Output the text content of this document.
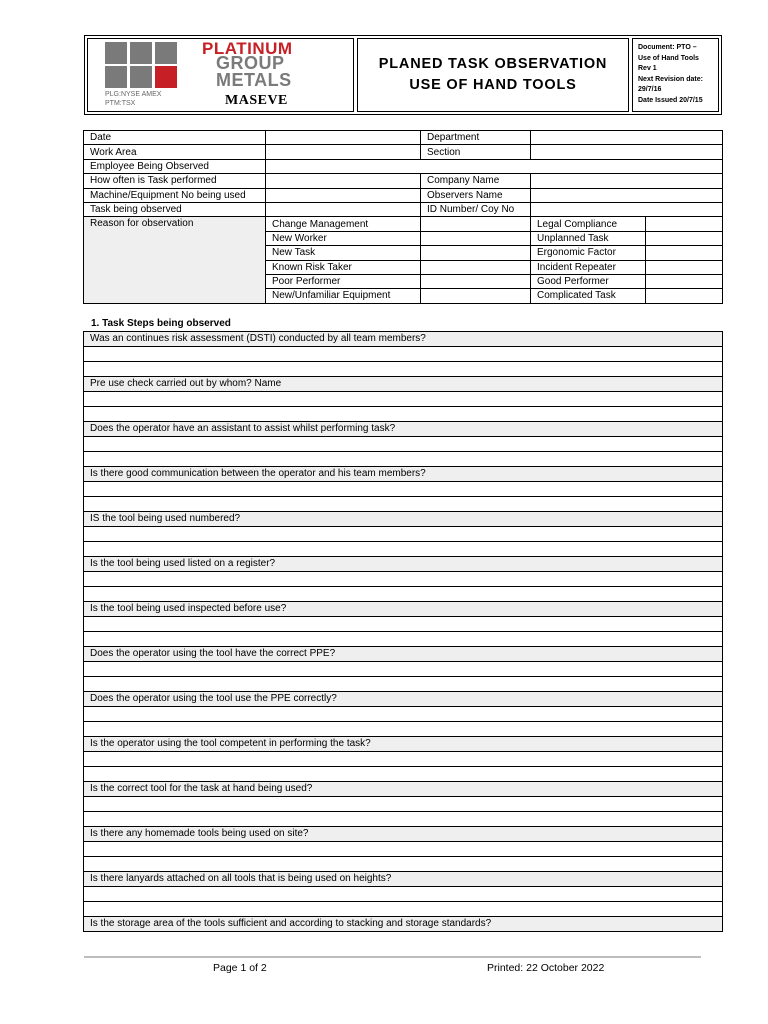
PLATINUM
GROUP
METALS
PLG:NYSE AMEX
PTM:TSX	MASEVE
PLANED TASK OBSERVATION
USE OF HAND TOOLS
Document: PTO –
Use of Hand Tools
Rev 1
Next Revision date:
29/7/16
Date Issued 20/7/15
Date		Department		
Work Area		Section		
Employee Being Observed				
How often is Task performed		Company Name		
Machine/Equipment No being used		Observers Name		
Task being observed		ID Number/ Coy No		
Reason for observation	Change Management		Legal Compliance	
	New Worker		Unplanned Task	
	New Task		Ergonomic Factor	
	Known Risk Taker		Incident Repeater	
	Poor Performer		Good Performer	
	New/Unfamiliar Equipment		Complicated Task	
1. Task Steps being observed
Was an continues risk assessment (DSTI) conducted by all team members?
Pre use check carried out by whom? Name
Does the operator have an assistant to assist whilst performing task?
Is there good communication between the operator and his team members?
IS the tool being used numbered?
Is the tool being used listed on a register?
Is the tool being used inspected before use?
Does the operator using the tool have the correct PPE?
Does the operator using the tool use the PPE correctly?
Is the operator using the tool competent in performing the task?
Is the correct tool for the task at hand being used?
Is there any homemade tools being used on site?
Is there lanyards attached on all tools that is being used on heights?
Is the storage area of the tools sufficient and according to stacking and storage standards?
Page 1 of 2	Printed: 22 October 2022
